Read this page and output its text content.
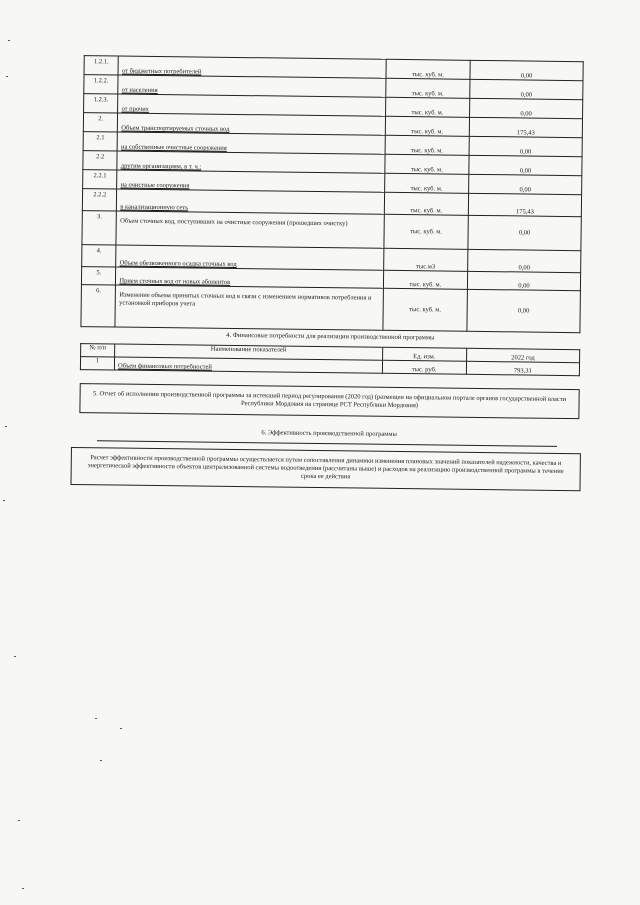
1.2.1.	от бюджетных потребителей	тыс. куб. м.	0,00
1.2.2.	от населения	тыс. куб. м.	0,00
1.2.3.	от прочих	тыс. куб. м.	0,00
2.	Объем транспортируемых сточных вод	тыс. куб. м.	175,43
2.1	на собственные очистные сооружения	тыс. куб. м.	0,00
2.2	другим организациям, в т. ч.:	тыс. куб. м.	0,00
2.2.1	на очистные сооружения	тыс. куб. м.	0,00
2.2.2	в канализационную сеть	тыс. куб. м.	175,43
3.	Объем сточных вод, поступивших на очистные сооружения (прошедших очистку)	тыс. куб. м.	0,00
4.	Объем обезвоженного осадка сточных вод	тыс.м3	0,00
5.	Прием сточных вод от новых абонентов	тыс. куб. м.	0,00
6.	Изменение объема принятых сточных вод в связи с изменением нормативов потребления и установкой приборов учета	тыс. куб. м.	0,00
4. Финансовые потребности для реализации производственной программы
№ п/п	Наименование показателей	Ед. изм.	2022 год
1	Объем финансовых потребностей	тыс. руб.	793,31
5. Отчет об исполнении производственной программы за истекший период регулирования (2020 год) (размещен на официальном портале органов государственной власти Республики Мордовия на странице РСТ Республики Мордовия)
6. Эффективность производственной программы
Расчет эффективности производственной программы осуществляется путем сопоставления динамики изменения плановых значений показателей надежности, качества и энергетической эффективности объектов централизованной системы водоотведения (рассчитаны выше) и расходов на реализацию производственной программы в течение срока ее действия
